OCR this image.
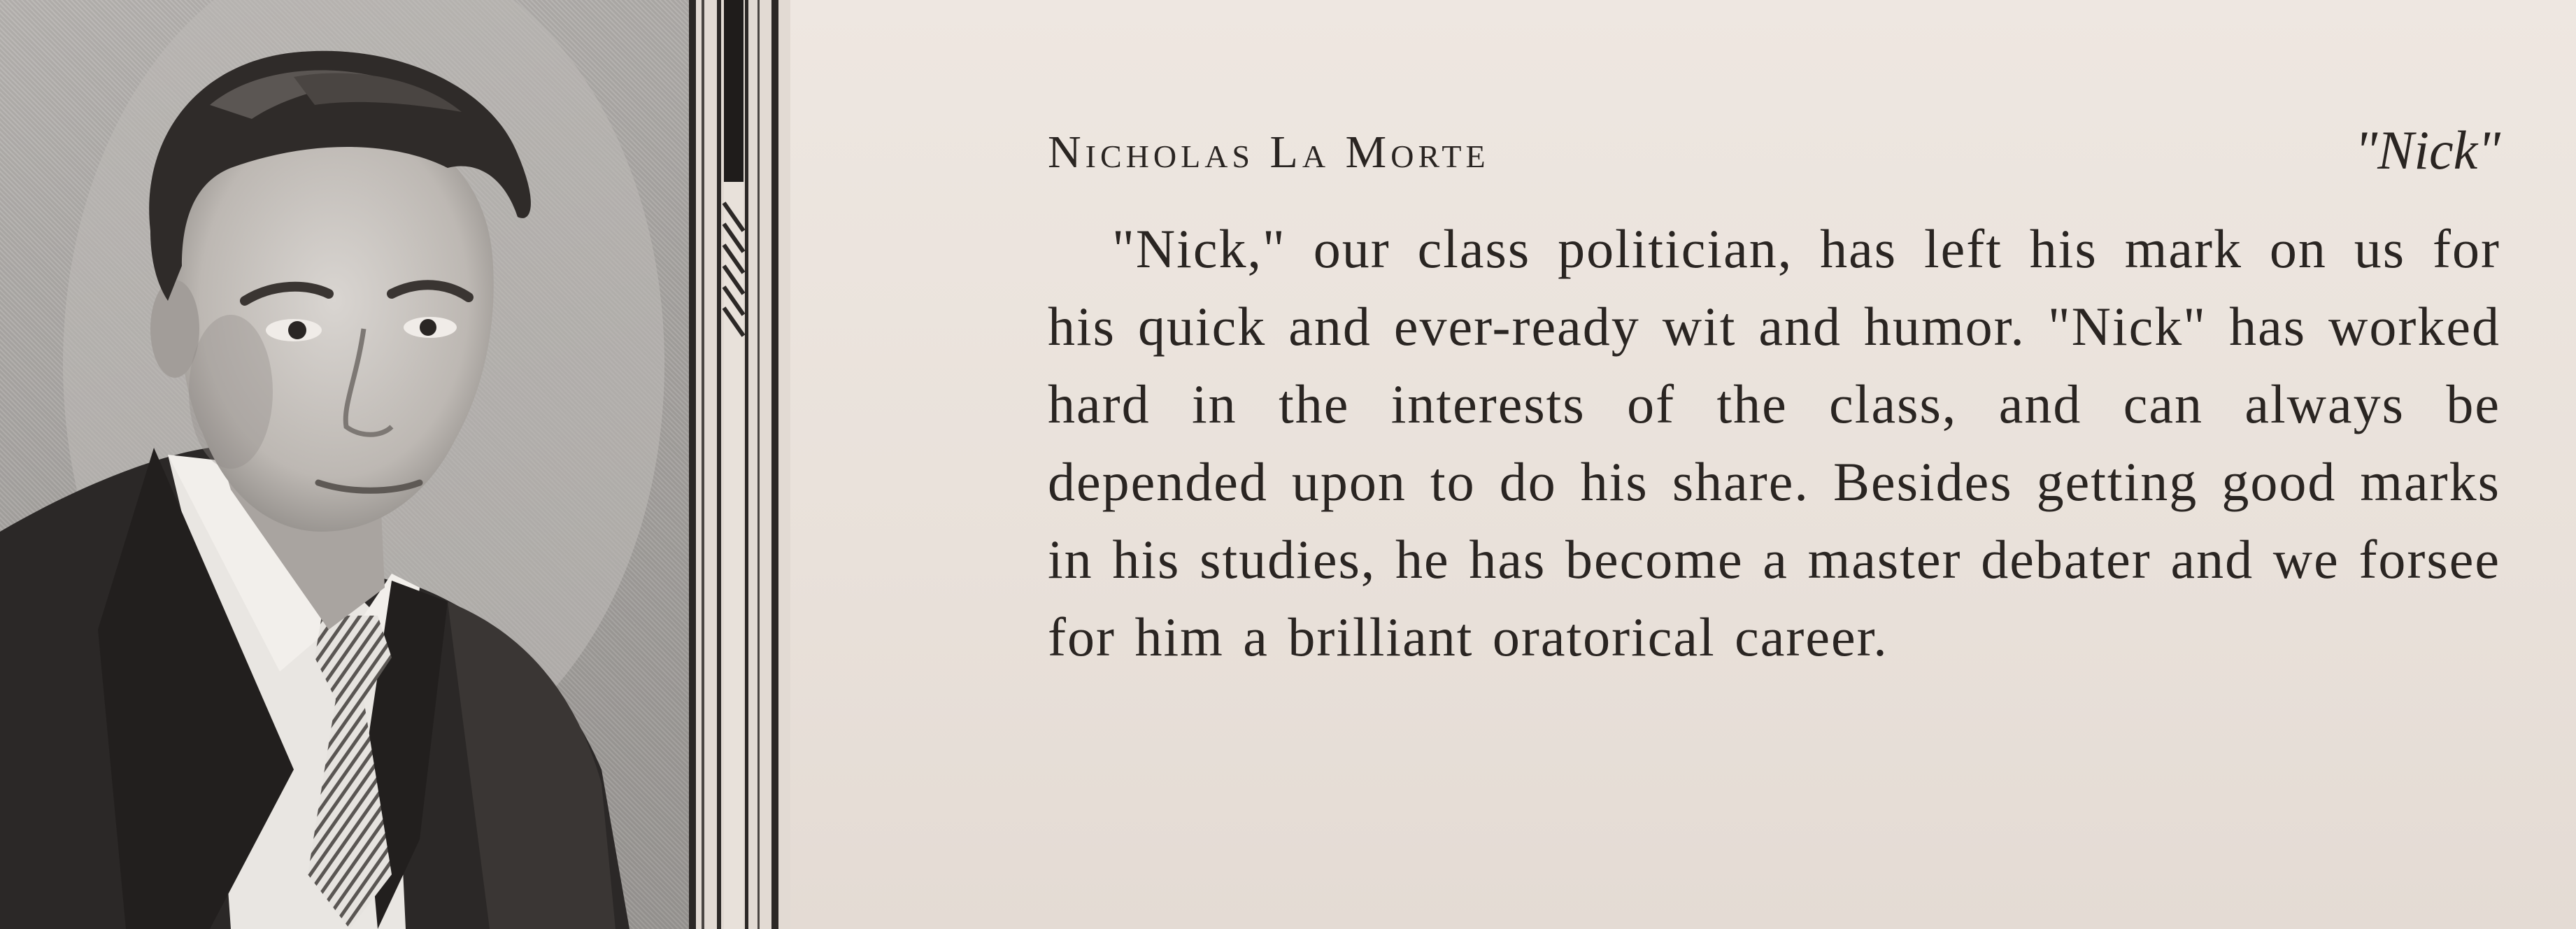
Nicholas La Morte	"Nick"

"Nick," our class politician, has left his mark on us for his quick and ever-ready wit and humor. "Nick" has worked hard in the interests of the class, and can always be depended upon to do his share. Besides getting good marks in his studies, he has become a master debater and we forsee for him a brilliant oratorical career.
